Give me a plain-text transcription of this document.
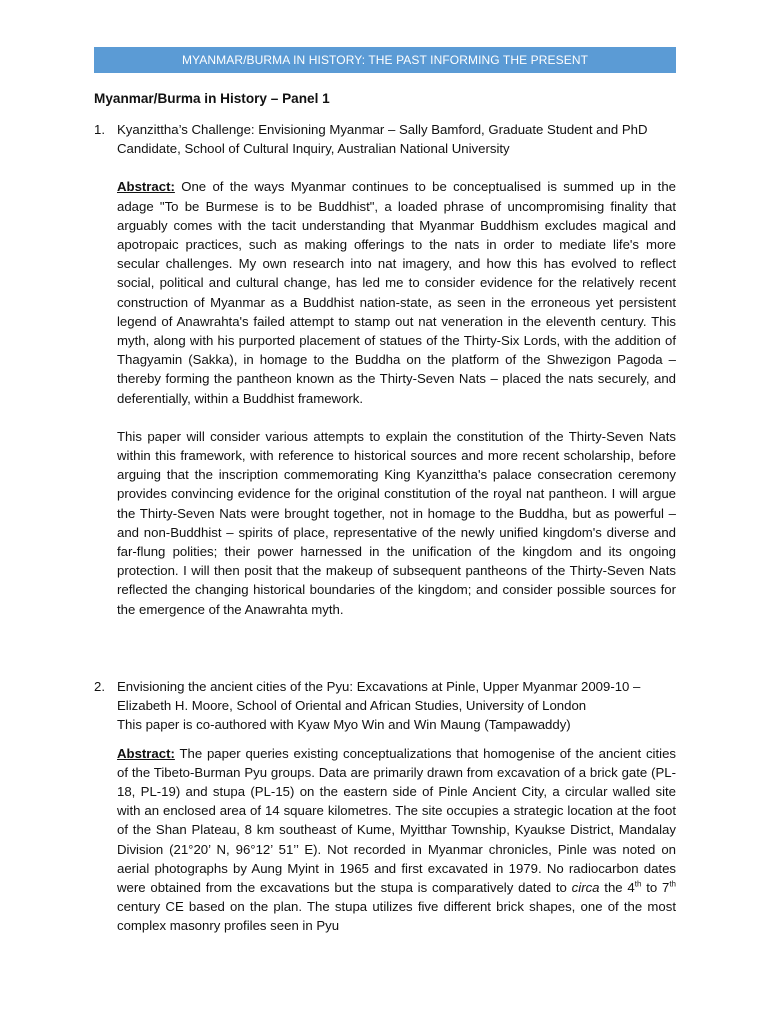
MYANMAR/BURMA IN HISTORY: THE PAST INFORMING THE PRESENT
Myanmar/Burma in History – Panel 1
1. Kyanzittha’s Challenge: Envisioning Myanmar – Sally Bamford, Graduate Student and PhD Candidate, School of Cultural Inquiry, Australian National University

Abstract: One of the ways Myanmar continues to be conceptualised is summed up in the adage "To be Burmese is to be Buddhist", a loaded phrase of uncompromising finality that arguably comes with the tacit understanding that Myanmar Buddhism excludes magical and apotropaic practices, such as making offerings to the nats in order to mediate life's more secular challenges. My own research into nat imagery, and how this has evolved to reflect social, political and cultural change, has led me to consider evidence for the relatively recent construction of Myanmar as a Buddhist nation-state, as seen in the erroneous yet persistent legend of Anawrahta's failed attempt to stamp out nat veneration in the eleventh century. This myth, along with his purported placement of statues of the Thirty-Six Lords, with the addition of Thagyamin (Sakka), in homage to the Buddha on the platform of the Shwezigon Pagoda – thereby forming the pantheon known as the Thirty-Seven Nats – placed the nats securely, and deferentially, within a Buddhist framework.

This paper will consider various attempts to explain the constitution of the Thirty-Seven Nats within this framework, with reference to historical sources and more recent scholarship, before arguing that the inscription commemorating King Kyanzittha's palace consecration ceremony provides convincing evidence for the original constitution of the royal nat pantheon. I will argue the Thirty-Seven Nats were brought together, not in homage to the Buddha, but as powerful – and non-Buddhist – spirits of place, representative of the newly unified kingdom's diverse and far-flung polities; their power harnessed in the unification of the kingdom and its ongoing protection. I will then posit that the makeup of subsequent pantheons of the Thirty-Seven Nats reflected the changing historical boundaries of the kingdom; and consider possible sources for the emergence of the Anawrahta myth.

2. Envisioning the ancient cities of the Pyu: Excavations at Pinle, Upper Myanmar 2009-10 – Elizabeth H. Moore, School of Oriental and African Studies, University of London

This paper is co-authored with Kyaw Myo Win and Win Maung (Tampawaddy)

Abstract: The paper queries existing conceptualizations that homogenise of the ancient cities of the Tibeto-Burman Pyu groups. Data are primarily drawn from excavation of a brick gate (PL-18, PL-19) and stupa (PL-15) on the eastern side of Pinle Ancient City, a circular walled site with an enclosed area of 14 square kilometres. The site occupies a strategic location at the foot of the Shan Plateau, 8 km southeast of Kume, Myitthar Township, Kyaukse District, Mandalay Division (21°20’ N, 96°12’ 51’’ E). Not recorded in Myanmar chronicles, Pinle was noted on aerial photographs by Aung Myint in 1965 and first excavated in 1979. No radiocarbon dates were obtained from the excavations but the stupa is comparatively dated to circa the 4th to 7th century CE based on the plan. The stupa utilizes five different brick shapes, one of the most complex masonry profiles seen in Pyu
